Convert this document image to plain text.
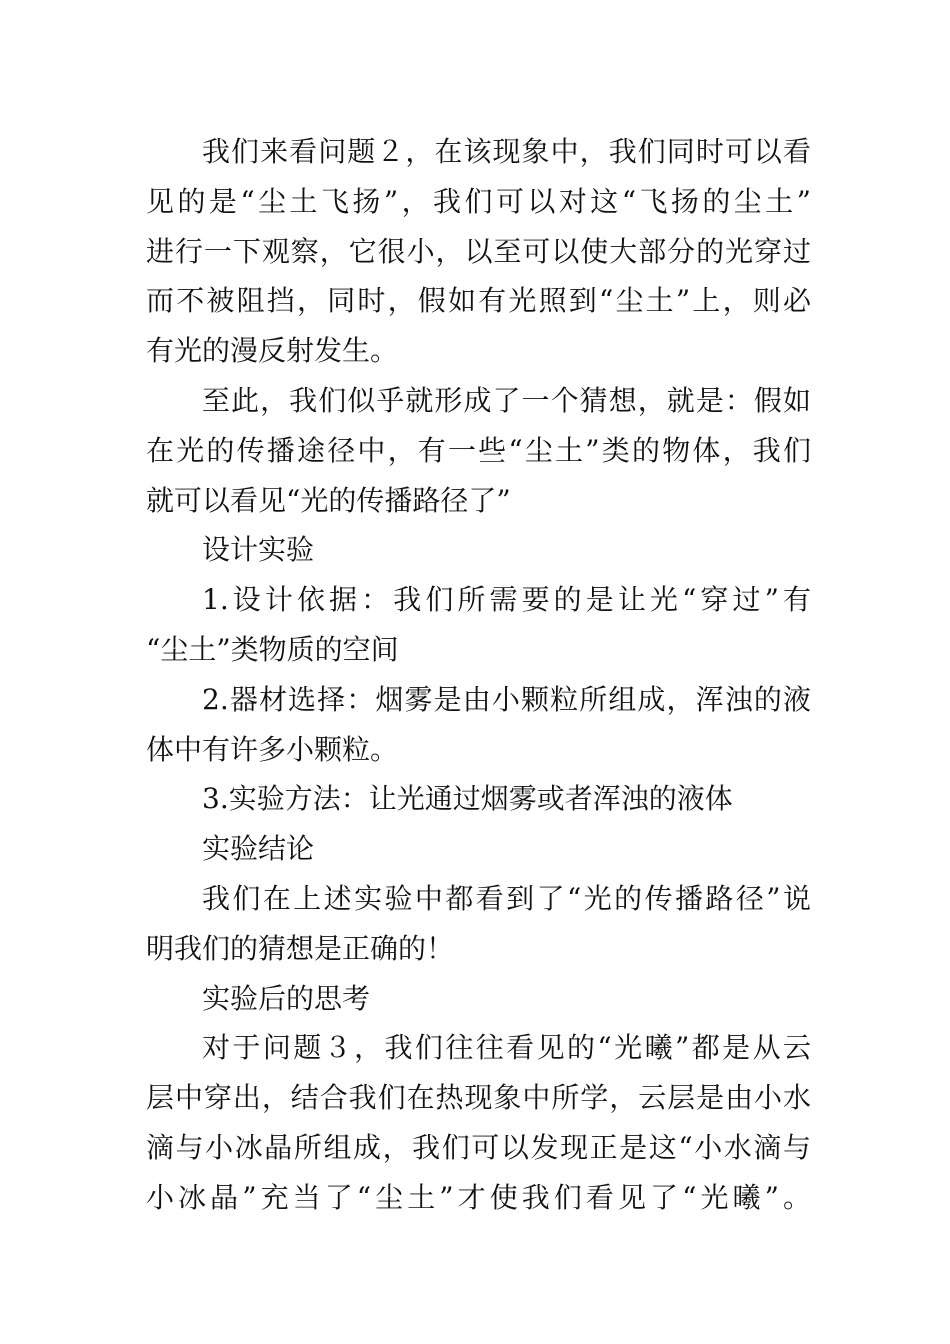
我们来看问题２，在该现象中，我们同时可以看
见的是“尘土飞扬”，我们可以对这“飞扬的尘土”
进行一下观察，它很小，以至可以使大部分的光穿过
而不被阻挡，同时，假如有光照到“尘土”上，则必
有光的漫反射发生。
至此，我们似乎就形成了一个猜想，就是：假如
在光的传播途径中，有一些“尘土”类的物体，我们
就可以看见“光的传播路径了”
设计实验
1.设计依据：我们所需要的是让光“穿过”有
“尘土”类物质的空间
2.器材选择：烟雾是由小颗粒所组成，浑浊的液
体中有许多小颗粒。
3.实验方法：让光通过烟雾或者浑浊的液体
实验结论
我们在上述实验中都看到了“光的传播路径”说
明我们的猜想是正确的！
实验后的思考
对于问题３，我们往往看见的“光曦”都是从云
层中穿出，结合我们在热现象中所学，云层是由小水
滴与小冰晶所组成，我们可以发现正是这“小水滴与
小冰晶”充当了“尘土”才使我们看见了“光曦”。
